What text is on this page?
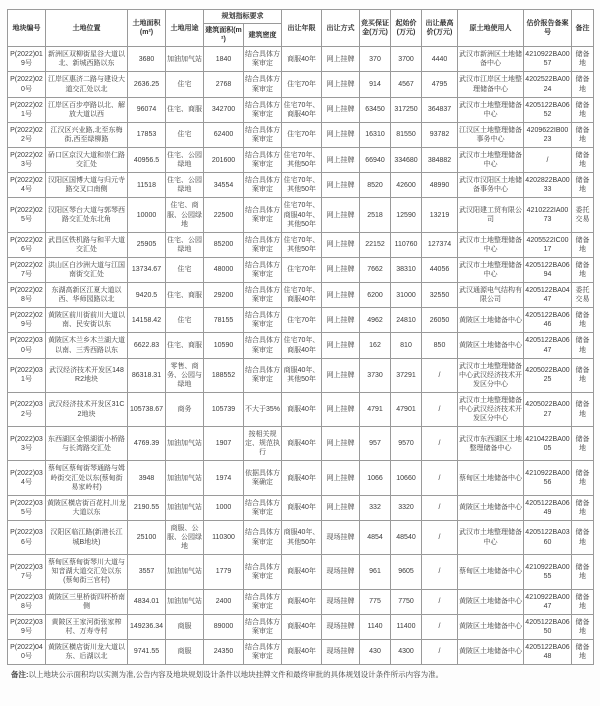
地块编号	土地位置	土地面积(m²)	土地用途	规划指标要求		出让年限	出让方式	竞买保证金(万元)	起始价(万元)	出让最高价(万元)	原土地使用人	估价报告备案号	备注
				建筑面积(m²)	建筑密度								
P(2022)019号	新洲区双柳街星谷大道以北、新城西路以东	3680	加油加气站	1840	结合具体方案审定	商服40年	网上挂牌	370	3700	4440	武汉市新洲区土地储备中心	4210922BA0057	储备地
P(2022)020号	江岸区惠济二路与建设大道交汇处以北	2636.25	住宅	2768	结合具体方案审定	住宅70年	网上挂牌	914	4567	4795	武汉市江岸区土地整理储备中心	4202522BA0024	储备地
P(2022)021号	江岸区百步亭路以北、解放大道以西	96074	住宅、商服	342700	结合具体方案审定	住宅70年、商服40年	网上挂牌	63450	317250	364837	武汉市土地整理储备中心	4205122BA0652	储备地
P(2022)022号	江汉区兴业路,北至东梅街,西至绿柳路	17853	住宅	62400	结合具体方案审定	住宅70年	网上挂牌	16310	81550	93782	江汉区土地整理储备事务中心	4209622IB0023	储备地
P(2022)023号	硚口区京汉大道和崇仁路交汇处	40956.5	住宅、公园绿地	201600	结合具体方案审定	住宅70年、其他50年	网上挂牌	66940	334680	384882	武汉市土地整理储备中心	/	储备地
P(2022)024号	汉阳区国博大道与归元寺路交叉口南侧	11518	住宅、公园绿地	34554	结合具体方案审定	住宅70年、其他50年	网上挂牌	8520	42600	48990	武汉市汉阳区土地储备事务中心	4202822BA0033	储备地
P(2022)025号	汉阳区琴台大道与郭琴西路交汇处东北角	10000	住宅、商服、公园绿地	22500	结合具体方案审定	住宅70年、商服40年、其他50年	网上挂牌	2518	12590	13219	武汉阳建工贸有限公司	4210222IA0073	委托交易
P(2022)026号	武昌区铁机路与和平大道交汇处	25905	住宅、公园绿地	85200	结合具体方案审定	住宅70年、其他50年	网上挂牌	22152	110760	127374	武汉市土地整理储备中心	4205522IC0017	储备地
P(2022)027号	洪山区白沙洲大道与江国南街交汇处	13734.67	住宅	48000	结合具体方案审定	住宅70年	网上挂牌	7662	38310	44056	武汉市土地整理储备中心	4205122BA0694	储备地
P(2022)028号	东湖高新区江夏大道以西、华师园路以北	9420.5	住宅、商服	29200	结合具体方案审定	住宅70年、商服40年	网上挂牌	6200	31000	32550	武汉通源电气结构有限公司	4205122BA0447	委托交易
P(2022)029号	黄陂区前川街前川大道以南、民安街以东	14158.42	住宅	78155	结合具体方案审定	住宅70年	网上挂牌	4962	24810	26050	黄陂区土地储备中心	4205122BA0646	储备地
P(2022)030号	黄陂区木兰乡木兰湖大道以南、三秀西路以东	6622.83	住宅、商服	10590	结合具体方案审定	住宅70年、商服40年	网上挂牌	162	810	850	黄陂区土地储备中心	4205122BA0647	储备地
P(2022)031号	武汉经济技术开发区148R2地块	86318.31	零售、商务、公园与绿地	188552	结合具体方案审定	商服40年、其他50年	网上挂牌	3730	37291	/	武汉市土地整理储备中心武汉经济技术开发区分中心	4205022BA0025	储备地
P(2022)032号	武汉经济技术开发区31C2地块	105738.67	商务	105739	不大于35%	商服40年	网上挂牌	4791	47901	/	武汉市土地整理储备中心武汉经济技术开发区分中心	4205022BA0027	储备地
P(2022)033号	东西湖区金银湖街小桥路与长湾路交汇处	4769.39	加油加气站	1907	按相关规定、规范执行	商服40年	网上挂牌	957	9570	/	武汉市东西湖区土地整理储备中心	4210422BA0005	储备地
P(2022)034号	蔡甸区蔡甸街琴通路与姆岭街交汇处以东(蔡甸街易家岭村)	3948	加油加气站	1974	依据具体方案确定	商服40年	网上挂牌	1066	10660	/	蔡甸区土地储备中心	4210922BA0056	储备地
P(2022)035号	黄陂区横店街百花村,川龙大道以东	2190.55	加油加气站	1000	结合具体方案审定	商服40年	网上挂牌	332	3320	/	黄陂区土地储备中心	4205122BA0649	储备地
P(2022)036号	汉阳区临江路(新港长江城B地块)	25100	商服、公服、公园绿地	110300	结合具体方案审定	商服40年、其他50年	现场挂牌	4854	48540	/	武汉市土地整理储备中心	4205122BA0360	储备地
P(2022)037号	蔡甸区蔡甸街琴川大道与知音湖大道交汇处以东(蔡甸街三官村)	3557	加油加气站	1779	结合具体方案审定	商服40年	现场挂牌	961	9605	/	蔡甸区土地储备中心	4210922BA0055	储备地
P(2022)038号	黄陂区三里桥街四杯桥南侧	4834.01	加油加气站	2400	结合具体方案审定	商服40年	现场挂牌	775	7750	/	黄陂区土地储备中心	4210922BA0047	储备地
P(2022)039号	黄陂区王家河街张家榨村、万寿寺村	149236.34	商服	89000	结合具体方案审定	商服40年	现场挂牌	1140	11400	/	黄陂区土地储备中心	4205122BA0650	储备地
P(2022)040号	黄陂区横店街川龙大道以东、后湖以北	9741.55	商服	24350	结合具体方案审定	商服40年	现场挂牌	430	4300	/	黄陂区土地储备中心	4205122BA0648	储备地
备注:以上地块公示面积均以实测为准,公告内容及地块规划设计条件以地块挂牌文件和最终审批的具体规划设计条件所示内容为准。
